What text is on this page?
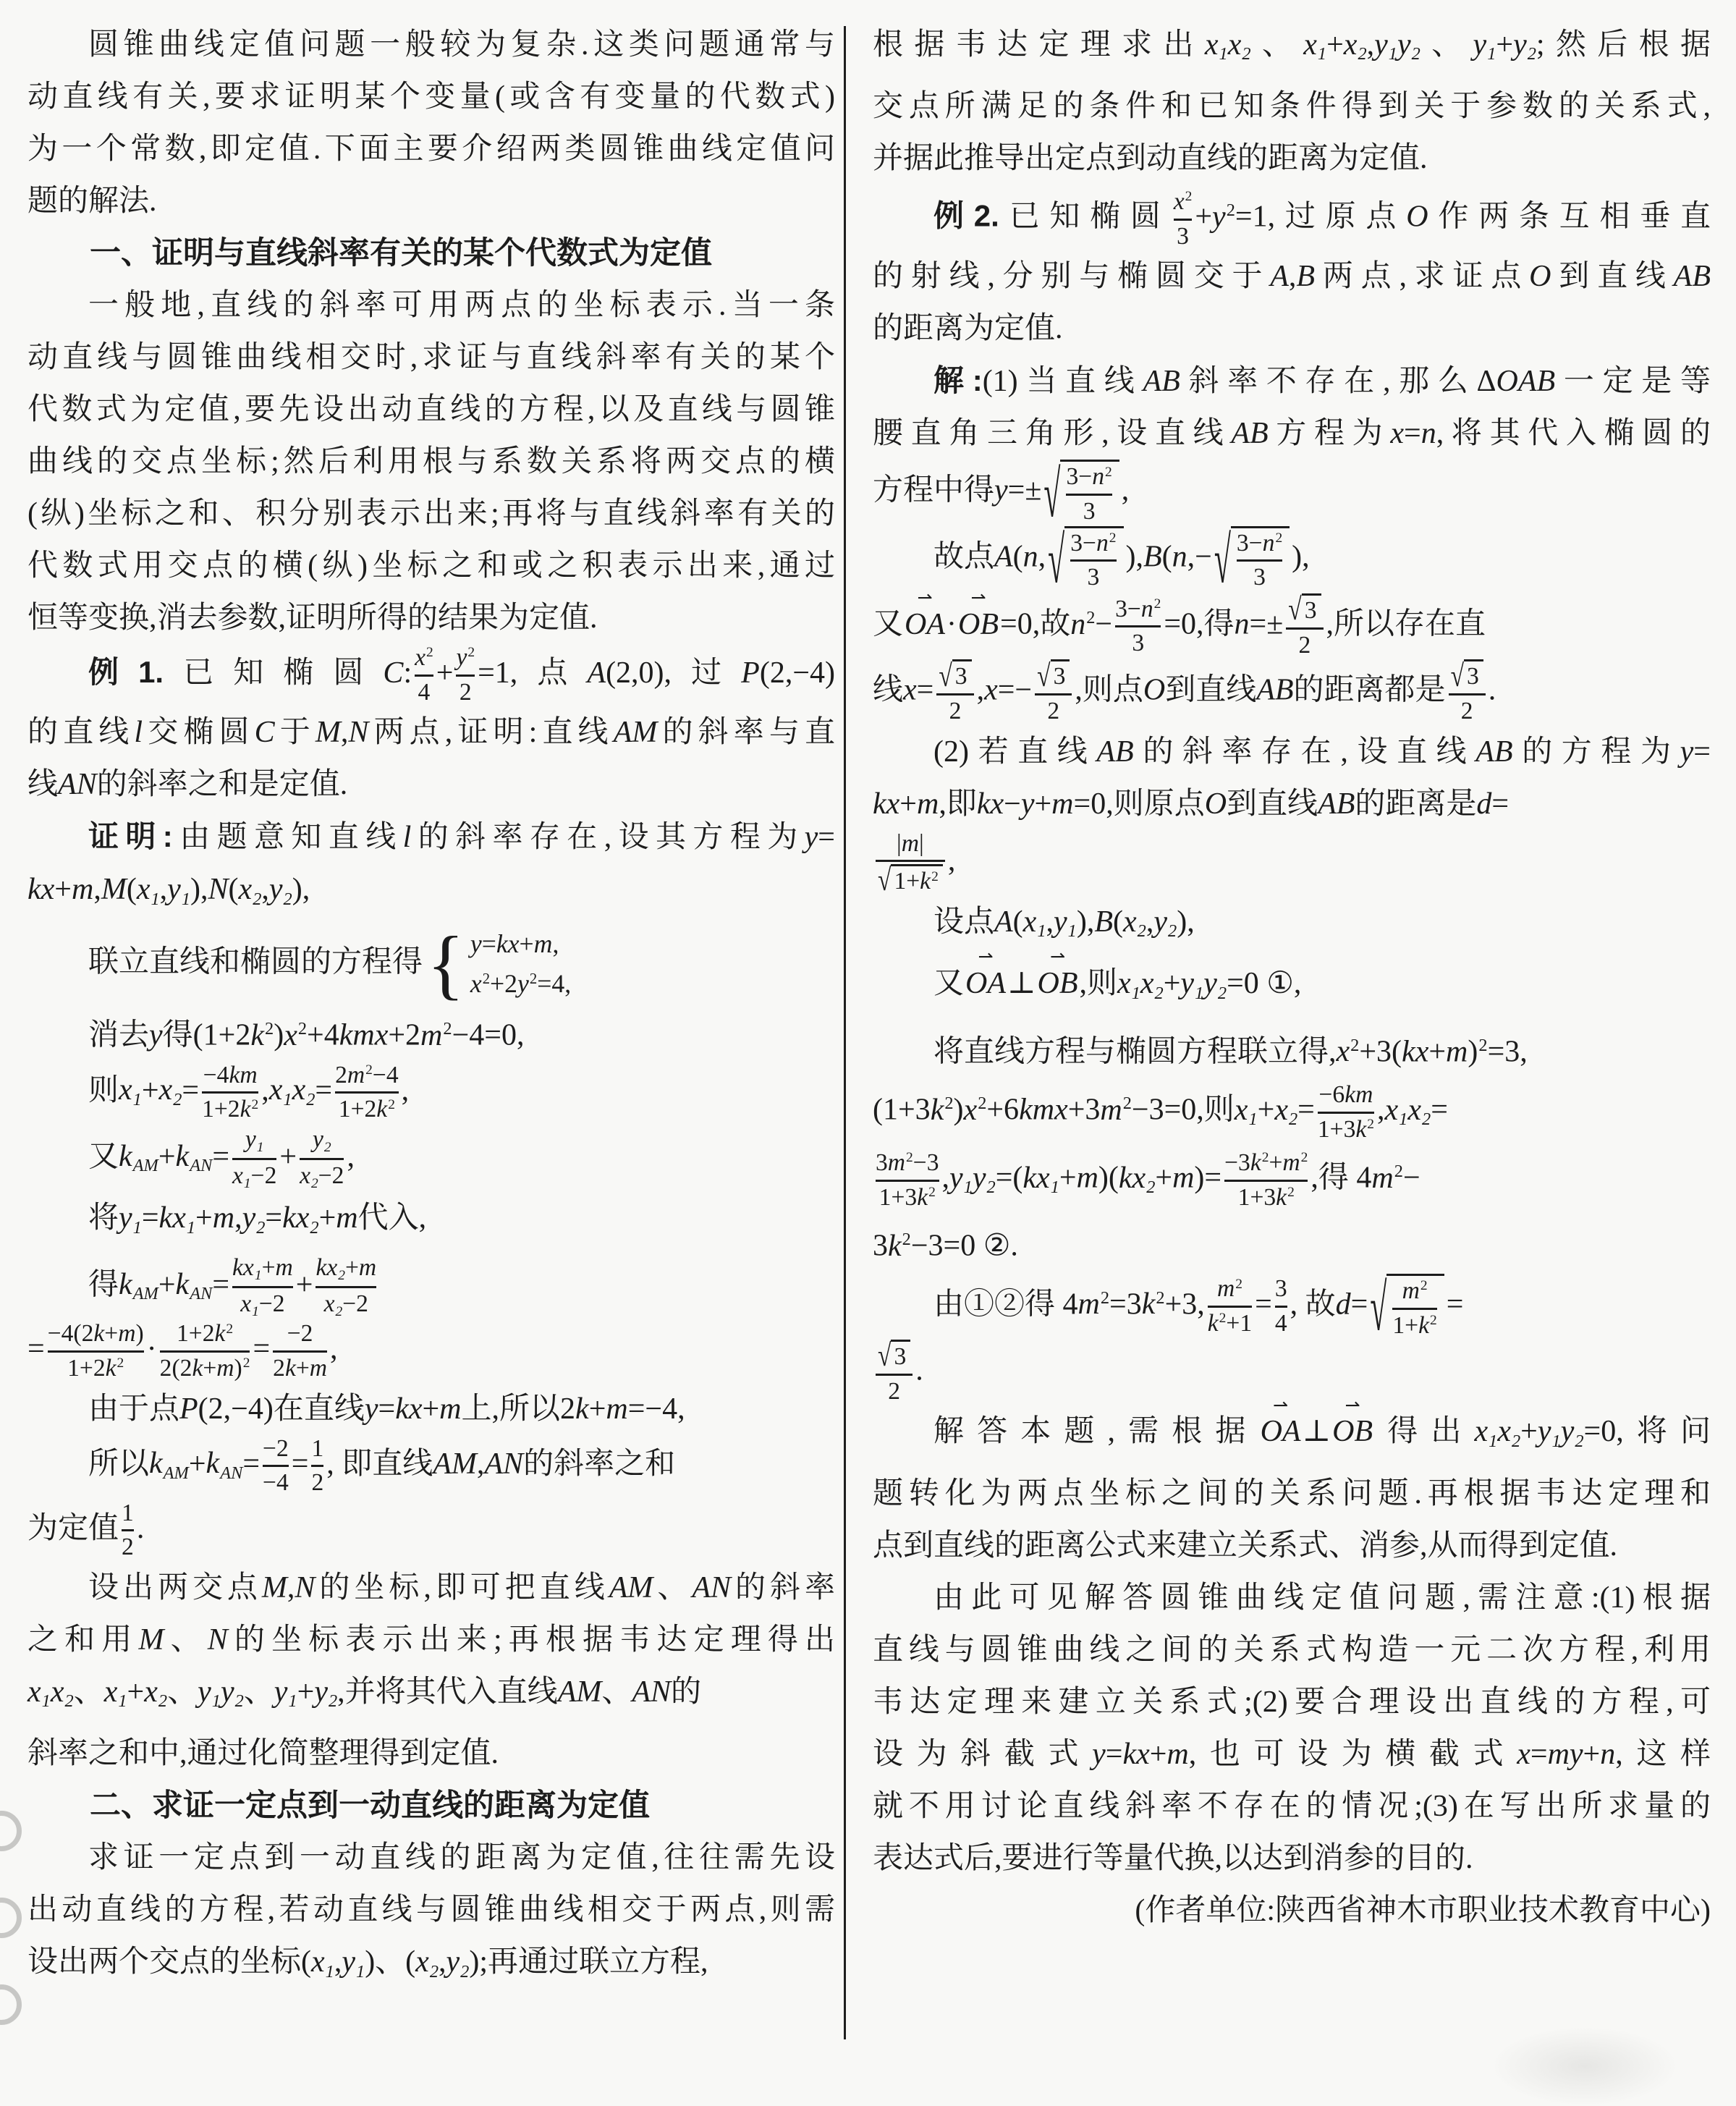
圆锥曲线定值问题一般较为复杂.这类问题通常与
动直线有关,要求证明某个变量(或含有变量的代数式)
为一个常数,即定值.下面主要介绍两类圆锥曲线定值问
题的解法.
一、证明与直线斜率有关的某个代数式为定值
一般地,直线的斜率可用两点的坐标表示.当一条
动直线与圆锥曲线相交时,求证与直线斜率有关的某个
代数式为定值,要先设出动直线的方程,以及直线与圆锥
曲线的交点坐标;然后利用根与系数关系将两交点的横
(纵)坐标之和、积分别表示出来;再将与直线斜率有关的
代数式用交点的横(纵)坐标之和或之积表示出来,通过
恒等变换,消去参数,证明所得的结果为定值.
例1.已知椭圆C: $\frac{x^2}{4} + \frac{y^2}{2} =1$,点A(2,0),过P(2,−4)
的直线l交椭圆C于M,N两点,证明:直线AM的斜率与直
线AN的斜率之和是定值.
证明:由题意知直线l的斜率存在,设其方程为y=
kx+m,M(x1,y1),N(x2,y2),
联立直线和椭圆的方程得 { y=kx+m,
$x^2+2y^2=4$,
消去y得$(1+2k^2)x^2+4kmx+2m^2-4=0$,
则$x1+x2= \frac{-4km}{1+2k^2} ,x1x2= \frac{2m^2-4}{1+2k^2}$ ,
又$kAM+kAN= \frac{y1}{x1-2} + \frac{y2}{x2-2}$ ,
将y1=kx1+m,y2=kx2+m代入,
得$kAM+kAN= \frac{kx1+m}{x1-2} + \frac{kx2+m}{x2-2}$
= $\frac{-4(2k+m)}{1+2k^2} \cdot \frac{1+2k^2}{2(2k+m)^2} = \frac{-2}{2k+m}$ ,
由于点P(2,−4)在直线y=kx+m上,所以2k+m=−4,
所以$kAM+kAN= \frac{-2}{-4} = \frac{1}{2}$ , 即直线AM,AN的斜率之和
为定值 $\frac{1}{2}$ .
设出两交点M,N的坐标,即可把直线AM、AN的斜率
之和用M、N的坐标表示出来;再根据韦达定理得出
x1x2、x1+x2、y1y2、y1+y2,并将其代入直线AM、AN的
斜率之和中,通过化简整理得到定值.
二、求证一定点到一动直线的距离为定值
求证一定点到一动直线的距离为定值,往往需先设
出动直线的方程,若动直线与圆锥曲线相交于两点,则需
设出两个交点的坐标(x1,y1)、(x2,y2);再通过联立方程,
根据韦达定理求出x1x2、x1+x2,y1y2、y1+y2;然后根据
交点所满足的条件和已知条件得到关于参数的关系式,
并据此推导出定点到动直线的距离为定值.
例2.已知椭圆 $\frac{x^2}{3} +y^2=1$,过原点O作两条互相垂直
的射线,分别与椭圆交于A,B两点,求证点O到直线AB
的距离为定值.
解:(1)当直线AB斜率不存在,那么ΔOAB一定是等
腰直角三角形,设直线AB方程为x=n,将其代入椭圆的
方程中得y=± √ $\frac{3-n^2}{3}$ ,
故点A(n, √ $\frac{3-n^2}{3} ),B(n,-$ √ $\frac{3-n^2}{3}$ ),
又
⇀
OA·
⇀
OB=0,故$n^2- \frac{3-n^2}{3} =0$,得$n=\pm \frac{√ 3}{2}$ ,所以存在直
线$x= \frac{√ 3}{2} ,x=- \frac{√ 3}{2}$ ,则点O到直线AB的距离都是 $\frac{√ 3}{2}$ .
(2)若直线AB的斜率存在,设直线AB的方程为y=
kx+m,即kx−y+m=0,则原点O到直线AB的距离是d=
$\frac{|m|}{√ 1+ k^2}$ ,
设点A(x1,y1),B(x2,y2),
又
⇀
OA⊥
⇀
OB,则x1x2+y1y2=0 ①,
将直线方程与椭圆方程联立得$,x^2+3(kx+m)^2=3$,
$(1+3k^2)x^2+6kmx+3m^2-3=0$,则$x1+x2= \frac{-6km}{1+3k^2} ,x1x2=$
$\frac{3m^2-3}{1+3k^2} ,y1y2=(kx1+m)(kx2+m)= \frac{-3k^2+m^2}{1+3k^2}$ ,得 $4m^2-$
$3k^2-3=0$ ②.
由①②得 $4m^2=3k^2+3$, $\frac{m^2}{k^2+1} = \frac{3}{4}$ , 故d= √ $\frac{m^2}{1+k^2}$ =
$\frac{√ 3}{2}$ .
解答本题,需根据
⇀
OA⊥
⇀
OB得出x1x2+y1y2=0,将问
题转化为两点坐标之间的关系问题.再根据韦达定理和
点到直线的距离公式来建立关系式、消参,从而得到定值.
由此可见解答圆锥曲线定值问题,需注意:(1)根据
直线与圆锥曲线之间的关系式构造一元二次方程,利用
韦达定理来建立关系式;(2)要合理设出直线的方程,可
设为斜截式y=kx+m,也可设为横截式x=my+n,这样
就不用讨论直线斜率不存在的情况;(3)在写出所求量的
表达式后,要进行等量代换,以达到消参的目的.
(作者单位:陕西省神木市职业技术教育中心)
